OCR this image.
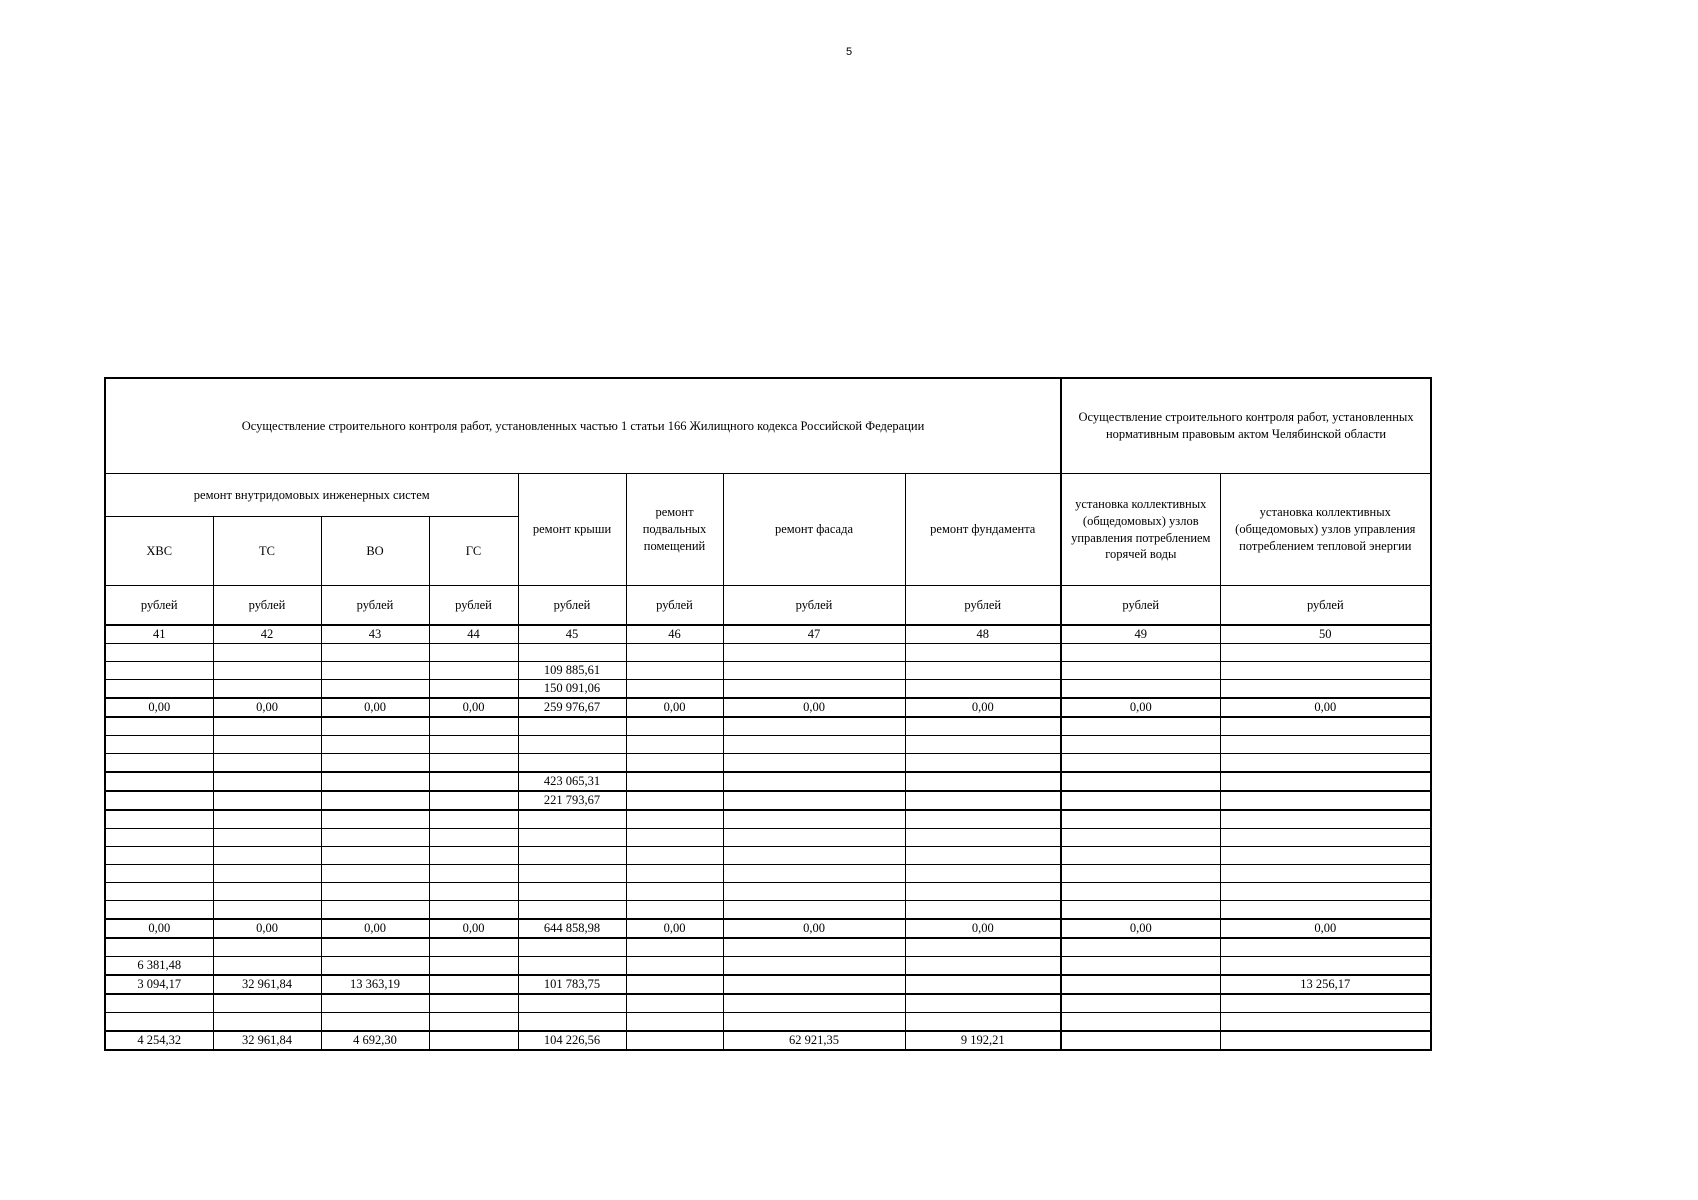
5
Осуществление строительного контроля работ, установленных частью 1 статьи 166 Жилищного кодекса Российской Федерации								Осуществление строительного контроля работ, установленных нормативным правовым актом Челябинской области	
ремонт внутридомовых инженерных систем				ремонт крыши	ремонт подвальных помещений	ремонт фасада	ремонт фундамента	установка коллективных (общедомовых) узлов управления потреблением горячей воды	установка коллективных (общедомовых) узлов управления потреблением тепловой энергии
ХВС	ТС	ВО	ГС						
рублей	рублей	рублей	рублей	рублей	рублей	рублей	рублей	рублей	рублей
41	42	43	44	45	46	47	48	49	50

				109 885,61					
				150 091,06					
0,00	0,00	0,00	0,00	259 976,67	0,00	0,00	0,00	0,00	0,00

				423 065,31					
				221 793,67					

0,00	0,00	0,00	0,00	644 858,98	0,00	0,00	0,00	0,00	0,00

6 381,48									
3 094,17	32 961,84	13 363,19		101 783,75					13 256,17

4 254,32	32 961,84	4 692,30		104 226,56		62 921,35	9 192,21		
